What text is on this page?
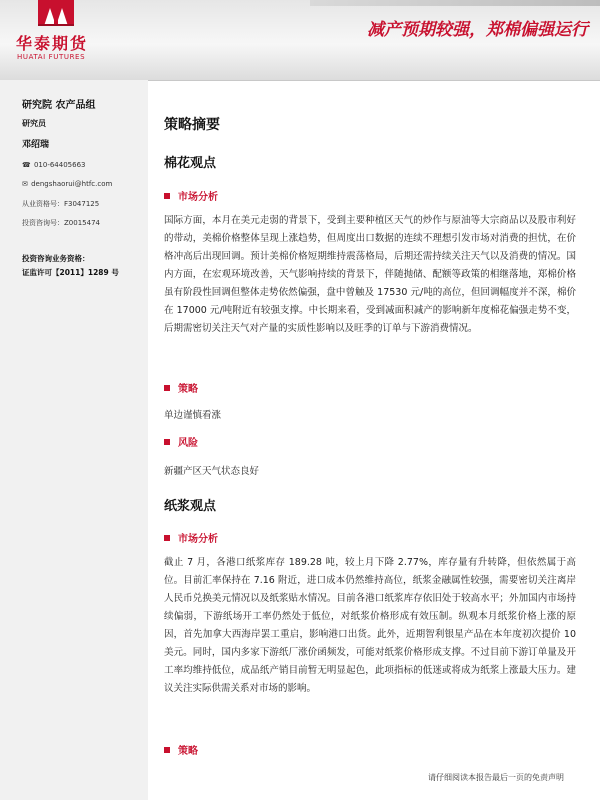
华泰期货
HUATAI FUTURES
减产预期较强，郑棉偏强运行
研究院 农产品组
研究员
邓绍瑞
☎ 010-64405663
✉ dengshaorui@htfc.com
从业资格号：F3047125
投资咨询号：Z0015474
投资咨询业务资格：
证监许可【2011】1289 号
策略摘要
棉花观点
市场分析

国际方面，本月在美元走弱的背景下，受到主要种植区天气的炒作与原油等大宗商品以及股市利好的带动，美棉价格整体呈现上涨趋势，但周度出口数据的连续不理想引发市场对消费的担忧，在价格冲高后出现回调。预计美棉价格短期维持震荡格局，后期还需持续关注天气以及消费的情况。国内方面，在宏观环境改善，天气影响持续的背景下，伴随抛储、配额等政策的相继落地，郑棉价格虽有阶段性回调但整体走势依然偏强，盘中曾触及 17530 元/吨的高位，但回调幅度并不深，棉价在 17000 元/吨附近有较强支撑。中长期来看，受到减面积减产的影响新年度棉花偏强走势不变，后期需密切关注天气对产量的实质性影响以及旺季的订单与下游消费情况。

策略
单边谨慎看涨
风险
新疆产区天气状态良好
纸浆观点
市场分析

截止 7 月，各港口纸浆库存 189.28 吨，较上月下降 2.77%，库存量有升转降，但依然属于高位。目前汇率保持在 7.16 附近，进口成本仍然维持高位，纸浆金融属性较强，需要密切关注离岸人民币兑换美元情况以及纸浆贴水情况。目前各港口纸浆库存依旧处于较高水平；外加国内市场持续偏弱，下游纸场开工率仍然处于低位，对纸浆价格形成有效压制。纵观本月纸浆价格上涨的原因，首先加拿大西海岸罢工重启，影响港口出货。此外，近期智利银星产品在本年度初次提价 10 美元。同时，国内多家下游纸厂涨价函频发，可能对纸浆价格形成支撑。不过目前下游订单量及开工率均维持低位，成品纸产销目前暂无明显起色，此项指标的低迷或将成为纸浆上涨最大压力。建议关注实际供需关系对市场的影响。

策略
请仔细阅读本报告最后一页的免责声明
